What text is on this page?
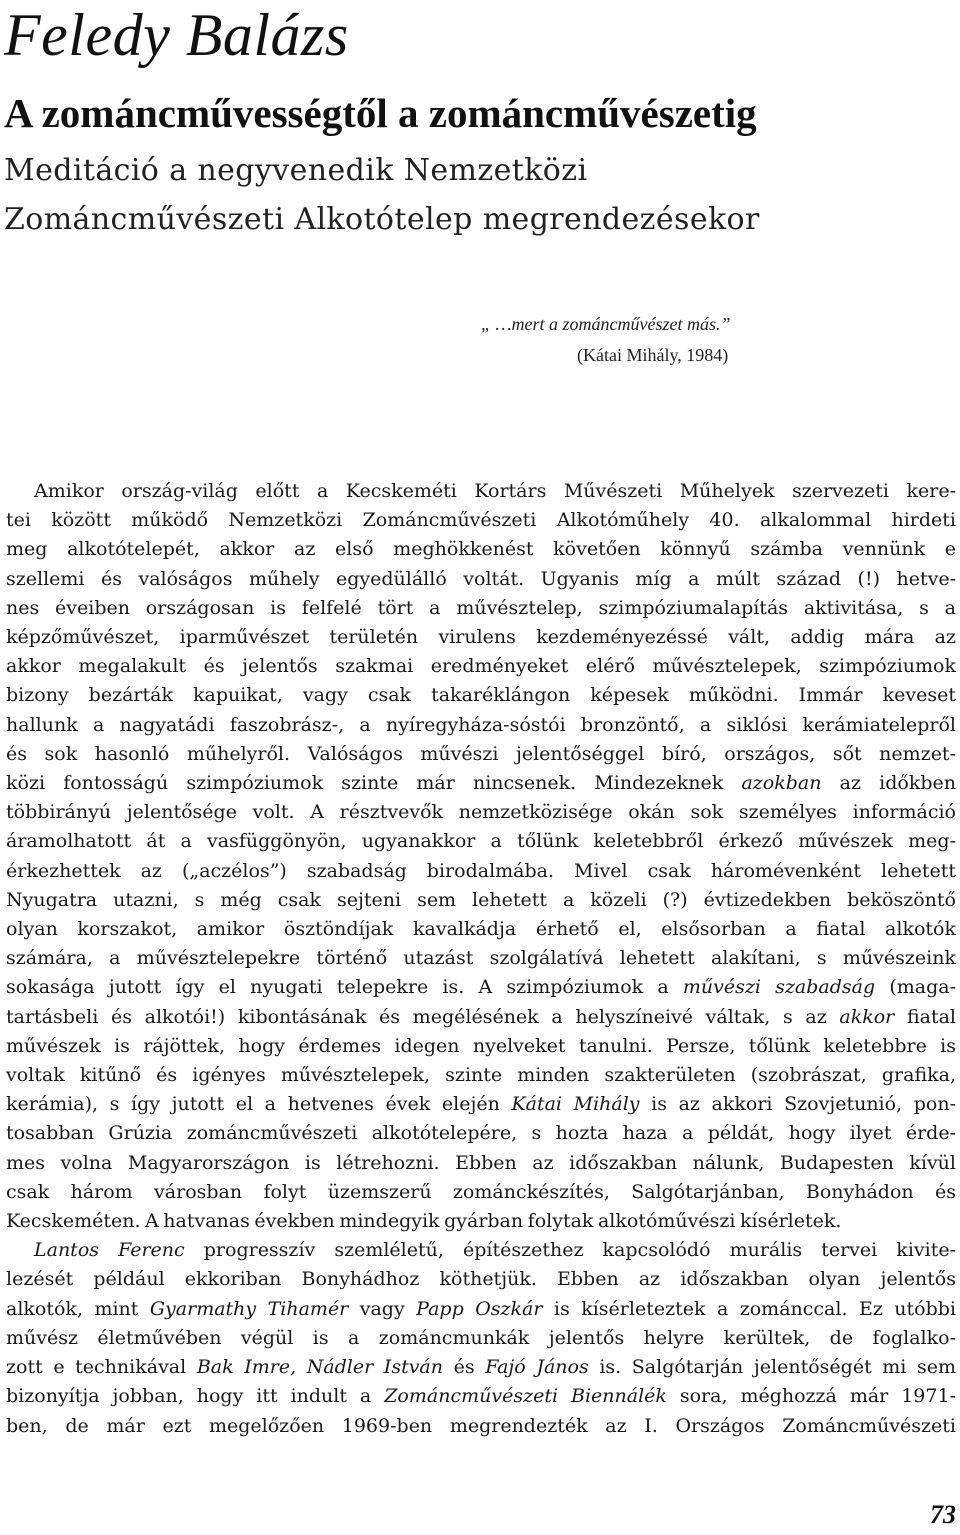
Feledy Balázs
A zománcművességtől a zománcművészetig
Meditáció a negyvenedik Nemzetközi
Zománcművészeti Alkotótelep megrendezésekor
„ …mert a zománcművészet más.”
(Kátai Mihály, 1984)

Amikor ország-világ előtt a Kecskeméti Kortárs Művészeti Műhelyek szervezeti kere-
tei között működő Nemzetközi Zománcművészeti Alkotóműhely 40. alkalommal hirdeti
meg alkotótelepét, akkor az első meghökkenést követően könnyű számba vennünk e
szellemi és valóságos műhely egyedülálló voltát. Ugyanis míg a múlt század (!) hetve-
nes éveiben országosan is felfelé tört a művésztelep, szimpóziumalapítás aktivitása, s a
képzőművészet, iparművészet területén virulens kezdeményezéssé vált, addig mára az
akkor megalakult és jelentős szakmai eredményeket elérő művésztelepek, szimpóziumok
bizony bezárták kapuikat, vagy csak takaréklángon képesek működni. Immár keveset
hallunk a nagyatádi faszobrász-, a nyíregyháza-sóstói bronzöntő, a siklósi kerámiatelepről
és sok hasonló műhelyről. Valóságos művészi jelentőséggel bíró, országos, sőt nemzet-
közi fontosságú szimpóziumok szinte már nincsenek. Mindezeknek azokban az időkben
többirányú jelentősége volt. A résztvevők nemzetközisége okán sok személyes információ
áramolhatott át a vasfüggönyön, ugyanakkor a tőlünk keletebbről érkező művészek meg-
érkezhettek az („aczélos”) szabadság birodalmába. Mivel csak háromévenként lehetett
Nyugatra utazni, s még csak sejteni sem lehetett a közeli (?) évtizedekben beköszöntő
olyan korszakot, amikor ösztöndíjak kavalkádja érhető el, elsősorban a fiatal alkotók
számára, a művésztelepekre történő utazást szolgálatívá lehetett alakítani, s művészeink
sokasága jutott így el nyugati telepekre is. A szimpóziumok a művészi szabadság (maga-
tartásbeli és alkotói!) kibontásának és megélésének a helyszíneivé váltak, s az akkor fiatal
művészek is rájöttek, hogy érdemes idegen nyelveket tanulni. Persze, tőlünk keletebbre is
voltak kitűnő és igényes művésztelepek, szinte minden szakterületen (szobrászat, grafika,
kerámia), s így jutott el a hetvenes évek elején Kátai Mihály is az akkori Szovjetunió, pon-
tosabban Grúzia zománcművészeti alkotótelepére, s hozta haza a példát, hogy ilyet érde-
mes volna Magyarországon is létrehozni. Ebben az időszakban nálunk, Budapesten kívül
csak három városban folyt üzemszerű zománckészítés, Salgótarjánban, Bonyhádon és
Kecskeméten. A hatvanas években mindegyik gyárban folytak alkotóművészi kísérletek.

Lantos Ferenc progresszív szemléletű, építészethez kapcsolódó murális tervei kivite-
lezését például ekkoriban Bonyhádhoz köthetjük. Ebben az időszakban olyan jelentős
alkotók, mint Gyarmathy Tihamér vagy Papp Oszkár is kísérleteztek a zománccal. Ez utóbbi
művész életművében végül is a zománcmunkák jelentős helyre kerültek, de foglalko-
zott e technikával Bak Imre, Nádler István és Fajó János is. Salgótarján jelentőségét mi sem
bizonyítja jobban, hogy itt indult a Zománcművészeti Biennálék sora, méghozzá már 1971-
ben, de már ezt megelőzően 1969-ben megrendezték az I. Országos Zománcművészeti

73
